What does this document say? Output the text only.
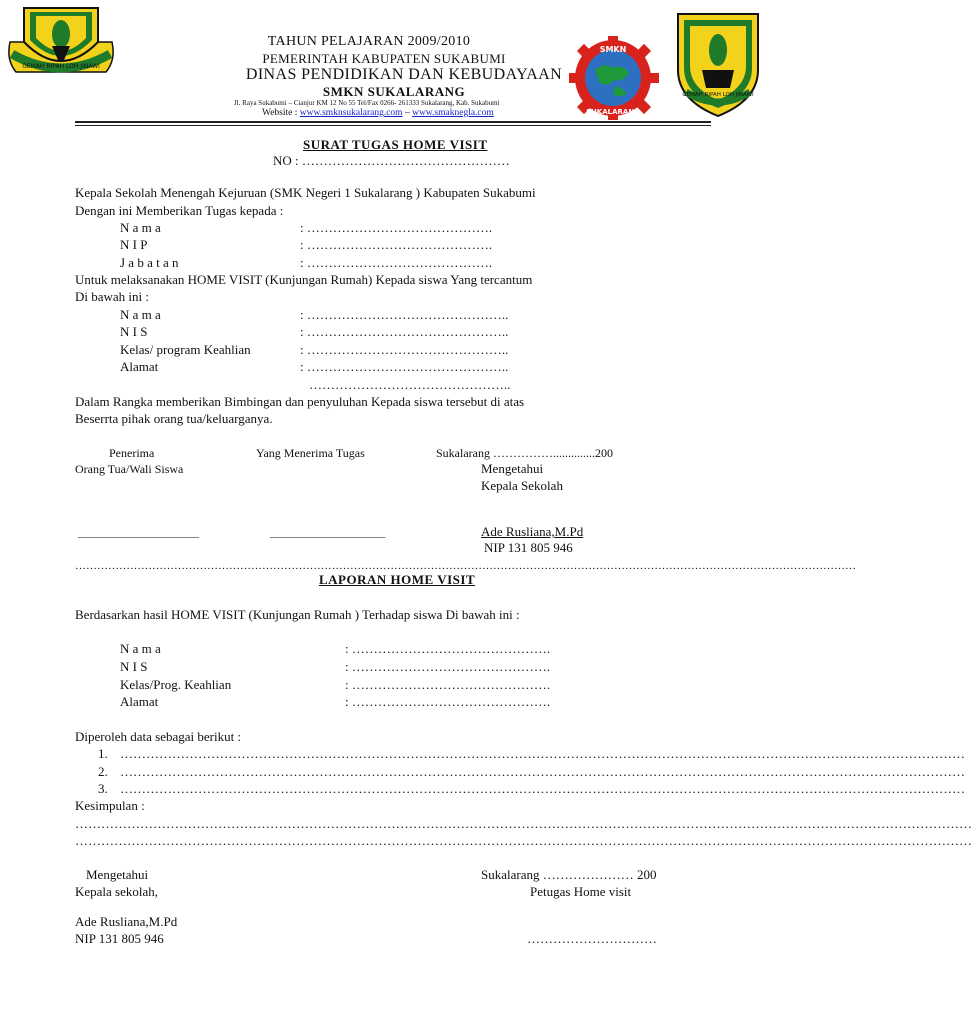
GEMAH RIPAH LOH JINAWI
SMKN
SUKALARANG
GEMAH RIPAH LOH JINAWI
TAHUN PELAJARAN 2009/2010
PEMERINTAH KABUPATEN SUKABUMI
DINAS PENDIDIKAN DAN KEBUDAYAAN
SMKN SUKALARANG
Jl. Raya Sukabumi – Cianjur KM 12 No 55 Tel/Fax 0266- 261333 Sukalarang, Kab. Sukabumi
Website : www.smknsukalarang.com – www.smaknegla.com
SURAT TUGAS HOME VISIT
NO : …………………………………………
Kepala Sekolah Menengah Kejuruan (SMK Negeri 1 Sukalarang ) Kabupaten Sukabumi
Dengan ini Memberikan Tugas kepada :
N a m a	: …………………………………….
N I P	: …………………………………….
J a b a t a n	: …………………………………….
Untuk melaksanakan HOME VISIT (Kunjungan Rumah) Kepada siswa Yang tercantum
Di bawah ini :
N a m a	: ………………………………………..
N I S	: ………………………………………..
Kelas/ program Keahlian	: ………………………………………..
Alamat	: ………………………………………..
………………………………………..
Dalam Rangka memberikan Bimbingan dan penyuluhan Kepada siswa tersebut di atas
Beserrta pihak orang tua/keluarganya.
Penerima
Orang Tua/Wali Siswa
Yang Menerima Tugas	Sukalarang ……………..............200
Mengetahui
Kepala Sekolah
______________________	_____________________	Ade Rusliana,M.Pd
NIP 131 805 946
……………………………………………………………………………………………………………………………………………………………………………………………
LAPORAN HOME VISIT
Berdasarkan hasil HOME VISIT (Kunjungan Rumah ) Terhadap siswa Di bawah ini :
N a m a	: ……………………………………….
N I S	: ……………………………………….
Kelas/Prog. Keahlian	: ……………………………………….
Alamat	: ……………………………………….
Diperoleh data sebagai berikut :
1. ……………………………………………………………………………………………………………………………………………………………………………
2. ……………………………………………………………………………………………………………………………………………………………………………
3. ……………………………………………………………………………………………………………………………………………………………………………
Kesimpulan :
………………………………………………………………………………………………………………………………………………………………………………………
………………………………………………………………………………………………………………………………………………………………………………………
Mengetahui
Kepala sekolah,
Sukalarang ………………… 200
Petugas Home visit
Ade Rusliana,M.Pd
NIP 131 805 946	…………………………
